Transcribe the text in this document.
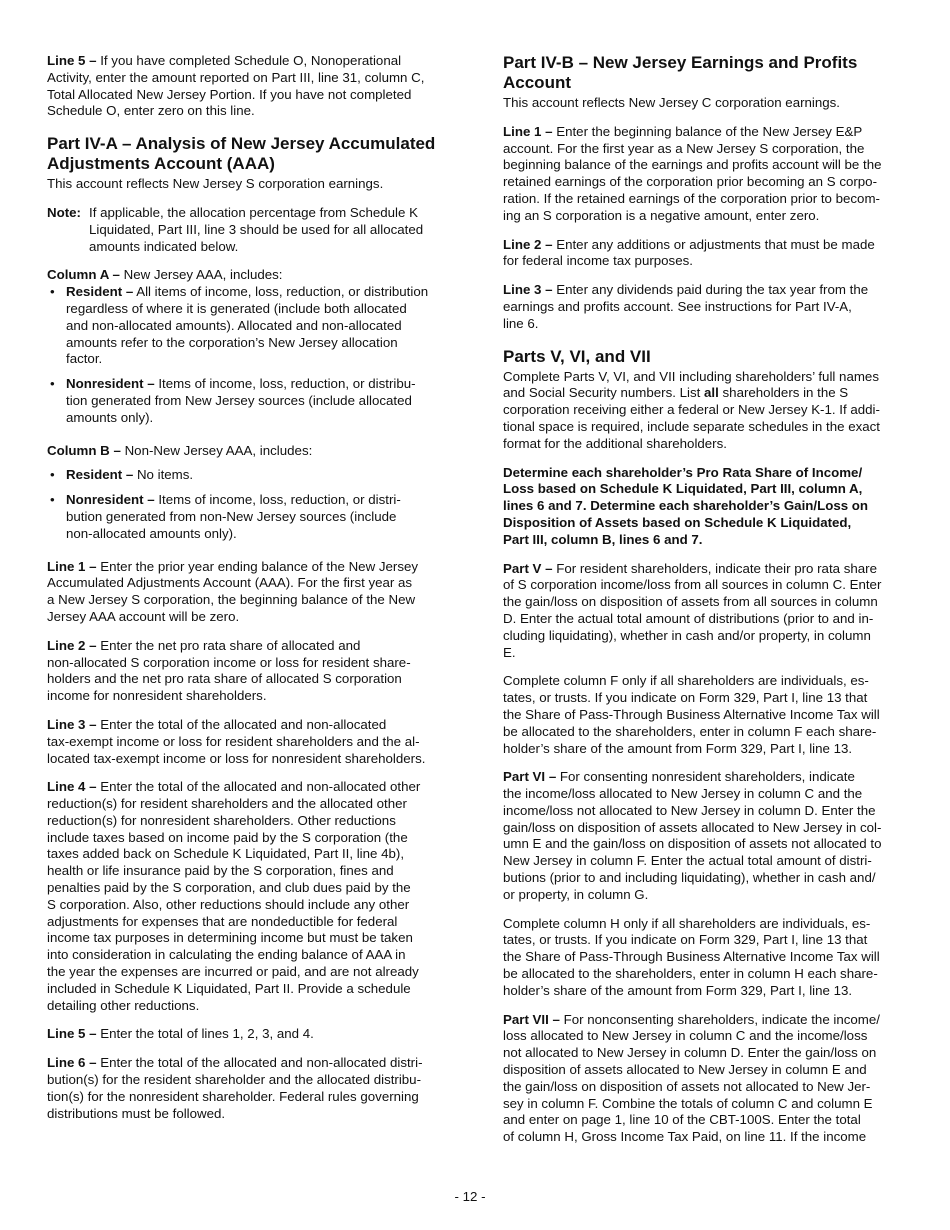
Line 5 – If you have completed Schedule O, Nonoperational
Activity, enter the amount reported on Part III, line 31, column C,
Total Allocated New Jersey Portion. If you have not completed
Schedule O, enter zero on this line.
Part IV-A – Analysis of New Jersey Accumulated
Adjustments Account (AAA)
This account reflects New Jersey S corporation earnings.
Note: If applicable, the allocation percentage from Schedule K
Liquidated, Part III, line 3 should be used for all allocated
amounts indicated below.
Column A – New Jersey AAA, includes:
• Resident – All items of income, loss, reduction, or distribution
regardless of where it is generated (include both allocated
and non-allocated amounts). Allocated and non-allocated
amounts refer to the corporation’s New Jersey allocation
factor.
• Nonresident – Items of income, loss, reduction, or distribu-
tion generated from New Jersey sources (include allocated
amounts only).
Column B – Non-New Jersey AAA, includes:
• Resident – No items.
• Nonresident – Items of income, loss, reduction, or distri-
bution generated from non-New Jersey sources (include
non-allocated amounts only).
Line 1 – Enter the prior year ending balance of the New Jersey
Accumulated Adjustments Account (AAA). For the first year as
a New Jersey S corporation, the beginning balance of the New
Jersey AAA account will be zero.
Line 2 – Enter the net pro rata share of allocated and
non-allocated S corporation income or loss for resident share-
holders and the net pro rata share of allocated S corporation
income for nonresident shareholders.
Line 3 – Enter the total of the allocated and non-allocated
tax-exempt income or loss for resident shareholders and the al-
located tax-exempt income or loss for nonresident shareholders.
Line 4 – Enter the total of the allocated and non-allocated other
reduction(s) for resident shareholders and the allocated other
reduction(s) for nonresident shareholders. Other reductions
include taxes based on income paid by the S corporation (the
taxes added back on Schedule K Liquidated, Part II, line 4b),
health or life insurance paid by the S corporation, fines and
penalties paid by the S corporation, and club dues paid by the
S corporation. Also, other reductions should include any other
adjustments for expenses that are nondeductible for federal
income tax purposes in determining income but must be taken
into consideration in calculating the ending balance of AAA in
the year the expenses are incurred or paid, and are not already
included in Schedule K Liquidated, Part II. Provide a schedule
detailing other reductions.
Line 5 – Enter the total of lines 1, 2, 3, and 4.
Line 6 – Enter the total of the allocated and non-allocated distri-
bution(s) for the resident shareholder and the allocated distribu-
tion(s) for the nonresident shareholder. Federal rules governing
distributions must be followed.
Part IV-B – New Jersey Earnings and Profits
Account
This account reflects New Jersey C corporation earnings.
Line 1 – Enter the beginning balance of the New Jersey E&P
account. For the first year as a New Jersey S corporation, the
beginning balance of the earnings and profits account will be the
retained earnings of the corporation prior becoming an S corpo-
ration. If the retained earnings of the corporation prior to becom-
ing an S corporation is a negative amount, enter zero.
Line 2 – Enter any additions or adjustments that must be made
for federal income tax purposes.
Line 3 – Enter any dividends paid during the tax year from the
earnings and profits account. See instructions for Part IV-A,
line 6.
Parts V, VI, and VII
Complete Parts V, VI, and VII including shareholders’ full names
and Social Security numbers. List all shareholders in the S
corporation receiving either a federal or New Jersey K-1. If addi-
tional space is required, include separate schedules in the exact
format for the additional shareholders.
Determine each shareholder’s Pro Rata Share of Income/
Loss based on Schedule K Liquidated, Part III, column A,
lines 6 and 7. Determine each shareholder’s Gain/Loss on
Disposition of Assets based on Schedule K Liquidated,
Part III, column B, lines 6 and 7.
Part V – For resident shareholders, indicate their pro rata share
of S corporation income/loss from all sources in column C. Enter
the gain/loss on disposition of assets from all sources in column
D. Enter the actual total amount of distributions (prior to and in-
cluding liquidating), whether in cash and/or property, in column
E.
Complete column F only if all shareholders are individuals, es-
tates, or trusts. If you indicate on Form 329, Part I, line 13 that
the Share of Pass-Through Business Alternative Income Tax will
be allocated to the shareholders, enter in column F each share-
holder’s share of the amount from Form 329, Part I, line 13.
Part VI – For consenting nonresident shareholders, indicate
the income/loss allocated to New Jersey in column C and the
income/loss not allocated to New Jersey in column D. Enter the
gain/loss on disposition of assets allocated to New Jersey in col-
umn E and the gain/loss on disposition of assets not allocated to
New Jersey in column F. Enter the actual total amount of distri-
butions (prior to and including liquidating), whether in cash and/
or property, in column G.
Complete column H only if all shareholders are individuals, es-
tates, or trusts. If you indicate on Form 329, Part I, line 13 that
the Share of Pass-Through Business Alternative Income Tax will
be allocated to the shareholders, enter in column H each share-
holder’s share of the amount from Form 329, Part I, line 13.
Part VII – For nonconsenting shareholders, indicate the income/
loss allocated to New Jersey in column C and the income/loss
not allocated to New Jersey in column D. Enter the gain/loss on
disposition of assets allocated to New Jersey in column E and
the gain/loss on disposition of assets not allocated to New Jer-
sey in column F. Combine the totals of column C and column E
and enter on page 1, line 10 of the CBT-100S. Enter the total
of column H, Gross Income Tax Paid, on line 11. If the income
- 12 -
